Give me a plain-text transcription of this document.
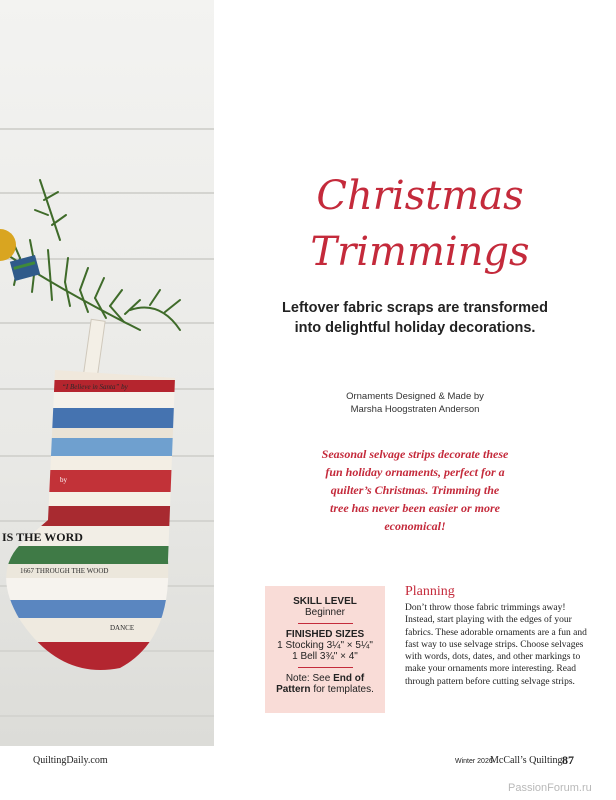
“I Believe in Santa” by
by
IS THE WORD
1667 THROUGH THE WOOD
DANCE
Christmas
Trimmings
Leftover fabric scraps are transformed into delightful holiday decorations.
Ornaments Designed & Made by
Marsha Hoogstraten Anderson
Seasonal selvage strips decorate these fun holiday ornaments, perfect for a quilter’s Christmas. Trimming the tree has never been easier or more economical!
SKILL LEVEL
Beginner
FINISHED SIZES
1 Stocking 3¼" × 5¼"
1 Bell 3¾" × 4"
Note: See End of Pattern for templates.
Planning
Don’t throw those fabric trimmings away! Instead, start playing with the edges of your fabrics. These adorable ornaments are a fun and fast way to use selvage strips. Choose selvages with words, dots, dates, and other markings to make your ornaments more interesting. Read through pattern before cutting selvage strips.
QuiltingDaily.com	Winter 2026
McCall’s Quilting 87
PassionForum.ru
